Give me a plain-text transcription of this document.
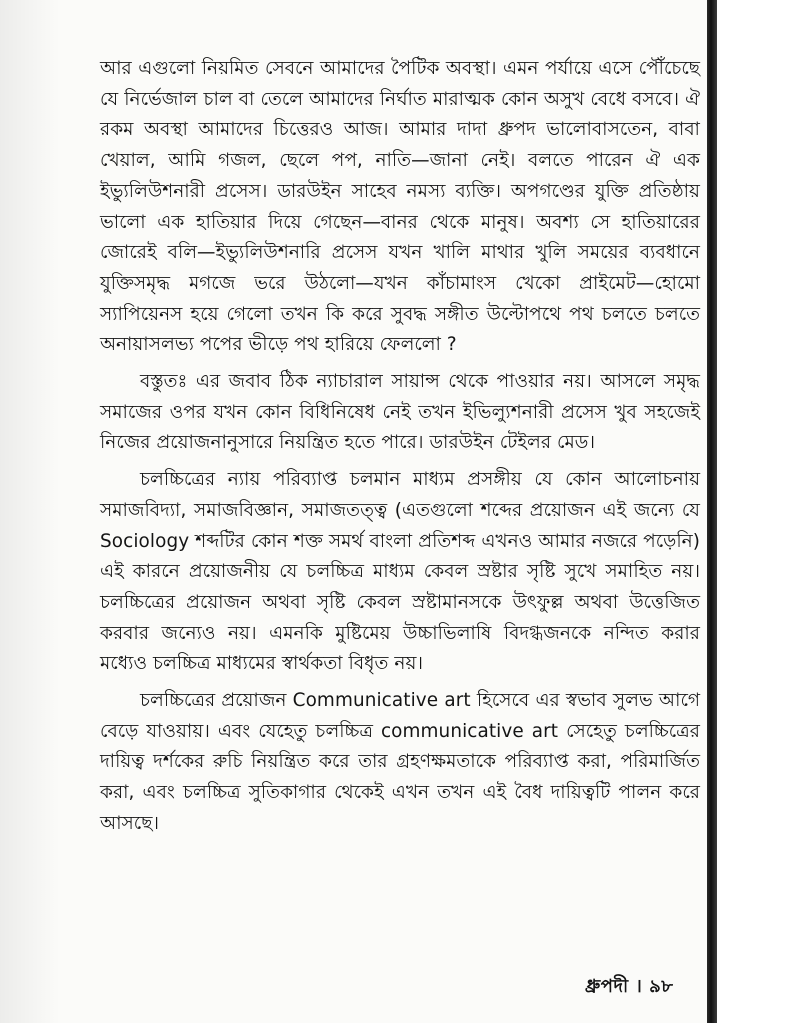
আর এগুলো নিয়মিত সেবনে আমাদের পৈটিক অবস্থা। এমন পর্যায়ে এসে পৌঁচেছে যে নির্ভেজাল চাল বা তেলে আমাদের নির্ঘাত মারাত্মক কোন অসুখ বেধে বসবে। ঐ রকম অবস্থা আমাদের চিত্তেরও আজ। আমার দাদা ধ্রুপদ ভালোবাসতেন, বাবা খেয়াল, আমি গজল, ছেলে পপ, নাতি—জানা নেই। বলতে পারেন ঐ এক ইভ্যুলিউশনারী প্রসেস। ডারউইন সাহেব নমস্য ব্যক্তি। অপগণ্ডের যুক্তি প্রতিষ্ঠায় ভালো এক হাতিয়ার দিয়ে গেছেন—বানর থেকে মানুষ। অবশ্য সে হাতিয়ারের জোরেই বলি—ইভ্যুলিউশনারি প্রসেস যখন খালি মাথার খুলি সময়ের ব্যবধানে যুক্তিসমৃদ্ধ মগজে ভরে উঠলো—যখন কাঁচামাংস খেকো প্রাইমেট—হোমো স্যাপিয়েনস হয়ে গেলো তখন কি করে সুবদ্ধ সঙ্গীত উল্টোপথে পথ চলতে চলতে অনায়াসলভ্য পপের ভীড়ে পথ হারিয়ে ফেললো ?

বস্তুতঃ এর জবাব ঠিক ন্যাচারাল সায়ান্স থেকে পাওয়ার নয়। আসলে সমৃদ্ধ সমাজের ওপর যখন কোন বিধিনিষেধ নেই তখন ইভিল্যুশনারী প্রসেস খুব সহজেই নিজের প্রয়োজনানুসারে নিয়ন্ত্রিত হতে পারে। ডারউইন টেইলর মেড।

চলচ্চিত্রের ন্যায় পরিব্যাপ্ত চলমান মাধ্যম প্রসঙ্গীয় যে কোন আলোচনায় সমাজবিদ্যা, সমাজবিজ্ঞান, সমাজতত্ত্ব (এতগুলো শব্দের প্রয়োজন এই জন্যে যে Sociology শব্দটির কোন শক্ত সমর্থ বাংলা প্রতিশব্দ এখনও আমার নজরে পড়েনি) এই কারনে প্রয়োজনীয় যে চলচ্চিত্র মাধ্যম কেবল স্রষ্টার সৃষ্টি সুখে সমাহিত নয়। চলচ্চিত্রের প্রয়োজন অথবা সৃষ্টি কেবল স্রষ্টামানসকে উৎফুল্ল অথবা উত্তেজিত করবার জন্যেও নয়। এমনকি মুষ্টিমেয় উচ্চাভিলাষি বিদগ্ধজনকে নন্দিত করার মধ্যেও চলচ্চিত্র মাধ্যমের স্বার্থকতা বিধৃত নয়।

চলচ্চিত্রের প্রয়োজন Communicative art হিসেবে এর স্বভাব সুলভ আগে বেড়ে যাওয়ায়। এবং যেহেতু চলচ্চিত্র communicative art সেহেতু চলচ্চিত্রের দায়িত্ব দর্শকের রুচি নিয়ন্ত্রিত করে তার গ্রহণক্ষমতাকে পরিব্যাপ্ত করা, পরিমার্জিত করা, এবং চলচ্চিত্র সুতিকাগার থেকেই এখন তখন এই বৈধ দায়িত্বটি পালন করে আসছে।

ধ্রুপদী । ৯৮
